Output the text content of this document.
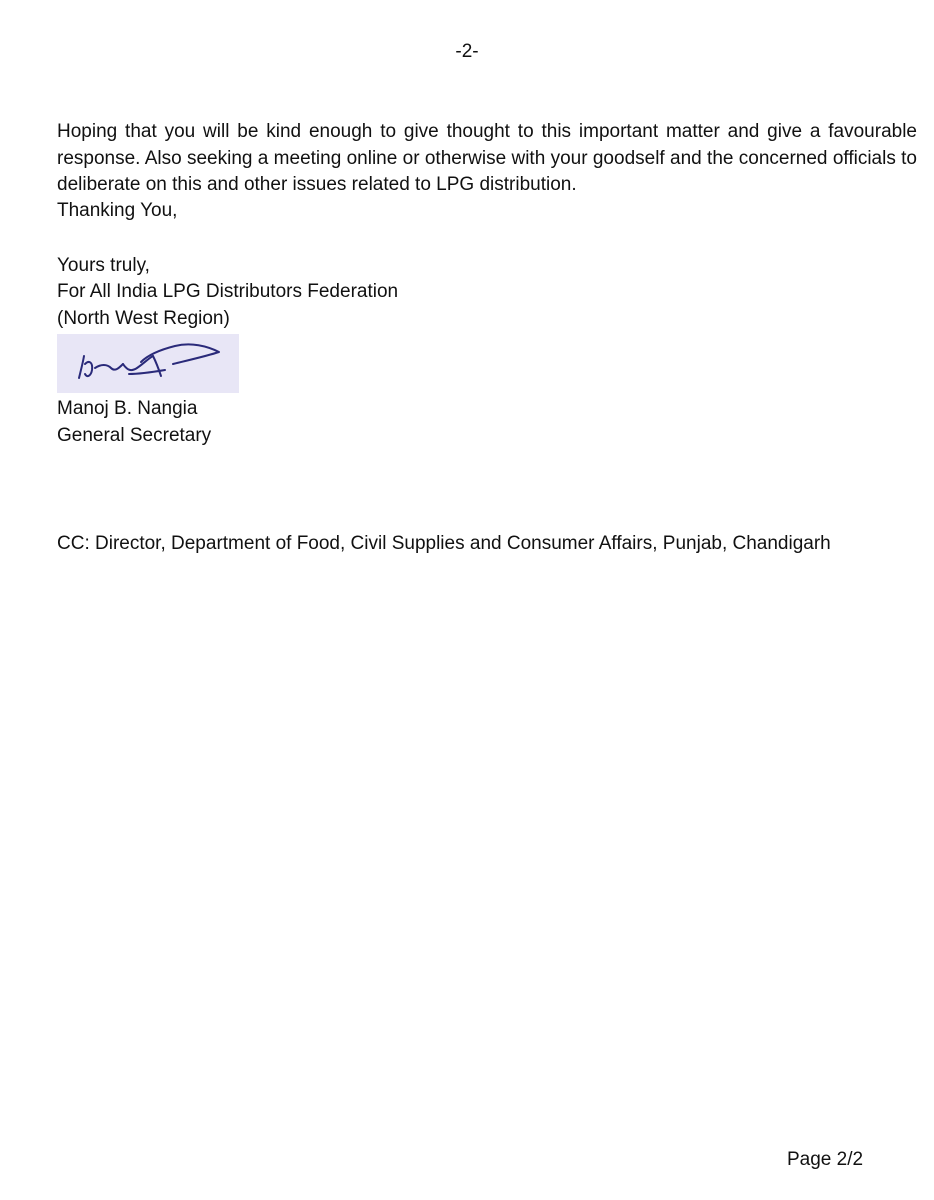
-2-
Hoping that you will be kind enough to give thought to this important matter and give a favourable response. Also seeking a meeting online or otherwise with your goodself and the concerned officials to deliberate on this and other issues related to LPG distribution.
Thanking You,
Yours truly,
For All India LPG Distributors Federation
(North West Region)
Manoj B. Nangia
General Secretary
CC: Director, Department of Food, Civil Supplies and Consumer Affairs, Punjab, Chandigarh
Page 2/2
